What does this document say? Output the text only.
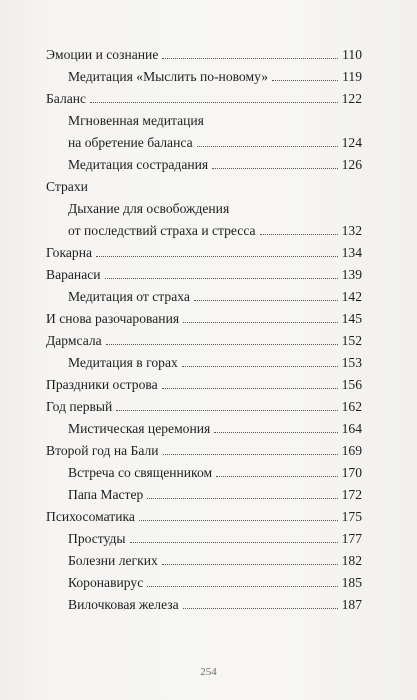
Эмоции и сознание	110
Медитация «Мыслить по-новому»	119
Баланс	122
Мгновенная медитация
на обретение баланса	124
Медитация сострадания	126
Страхи
Дыхание для освобождения
от последствий страха и стресса	132
Гокарна	134
Варанаси	139
Медитация от страха	142
И снова разочарования	145
Дармсала	152
Медитация в горах	153
Праздники острова	156
Год первый	162
Мистическая церемония	164
Второй год на Бали	169
Встреча со священником	170
Папа Мастер	172
Психосоматика	175
Простуды	177
Болезни легких	182
Коронавирус	185
Вилочковая железа	187
254
